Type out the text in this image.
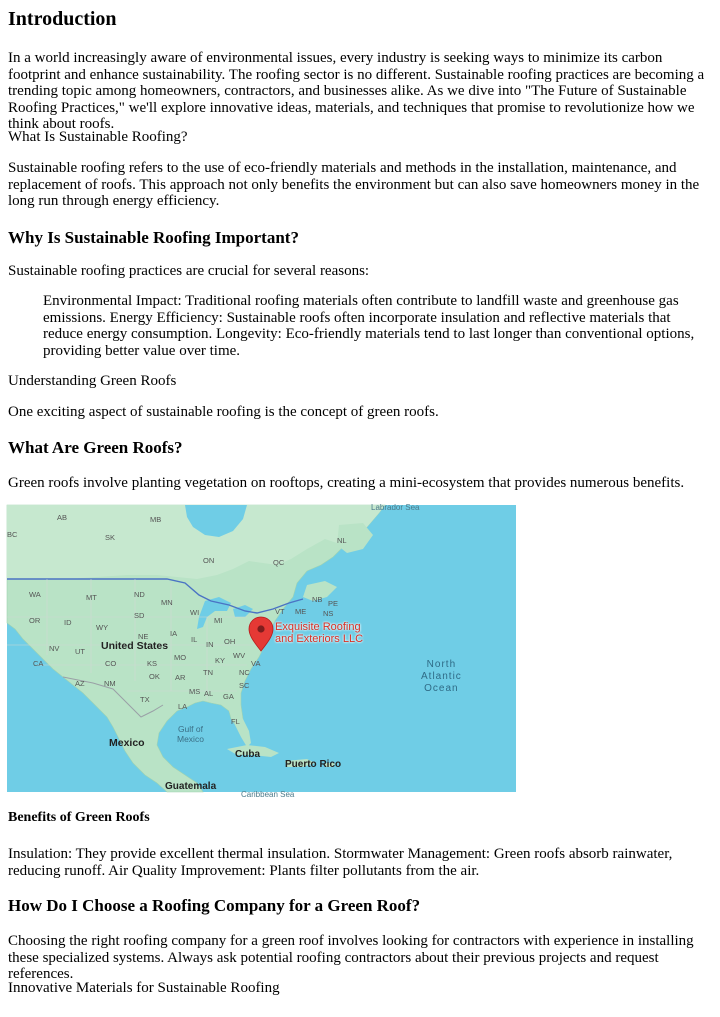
Introduction

In a world increasingly aware of environmental issues, every industry is seeking ways to minimize its carbon footprint and enhance sustainability. The roofing sector is no different. Sustainable roofing practices are becoming a trending topic among homeowners, contractors, and businesses alike. As we dive into "The Future of Sustainable Roofing Practices," we'll explore innovative ideas, materials, and techniques that promise to revolutionize how we think about roofs.

What Is Sustainable Roofing?

Sustainable roofing refers to the use of eco-friendly materials and methods in the installation, maintenance, and replacement of roofs. This approach not only benefits the environment but can also save homeowners money in the long run through energy efficiency.

Why Is Sustainable Roofing Important?

Sustainable roofing practices are crucial for several reasons:

Environmental Impact: Traditional roofing materials often contribute to landfill waste and greenhouse gas emissions. Energy Efficiency: Sustainable roofs often incorporate insulation and reflective materials that reduce energy consumption. Longevity: Eco-friendly materials tend to last longer than conventional options, providing better value over time.

Understanding Green Roofs

One exciting aspect of sustainable roofing is the concept of green roofs.

What Are Green Roofs?

Green roofs involve planting vegetation on rooftops, creating a mini-ecosystem that provides numerous benefits.

Labrador Sea
Caribbean Sea
United States
Mexico
Cuba
Puerto Rico
Guatemala
Gulf of
Mexico
North
Atlantic
Ocean
Exquisite Roofing
and Exteriors LLC
AB	MB
BC	SK
ON	QC
NL
WA	MT	ND
MN	PE
NB
NS
VT ME
OR	ID
WY
SD	WI
MI
NE	IA
IL
IN OH
NV UT
CO	KS
MO	KY
WV
VA
CA
AZ	NM
OK AR
TN	NC
MS AL GA
SC
TX
LA
FL

Benefits of Green Roofs

Insulation: They provide excellent thermal insulation. Stormwater Management: Green roofs absorb rainwater, reducing runoff. Air Quality Improvement: Plants filter pollutants from the air.

How Do I Choose a Roofing Company for a Green Roof?

Choosing the right roofing company for a green roof involves looking for contractors with experience in installing these specialized systems. Always ask potential roofing contractors about their previous projects and request references.

Innovative Materials for Sustainable Roofing
